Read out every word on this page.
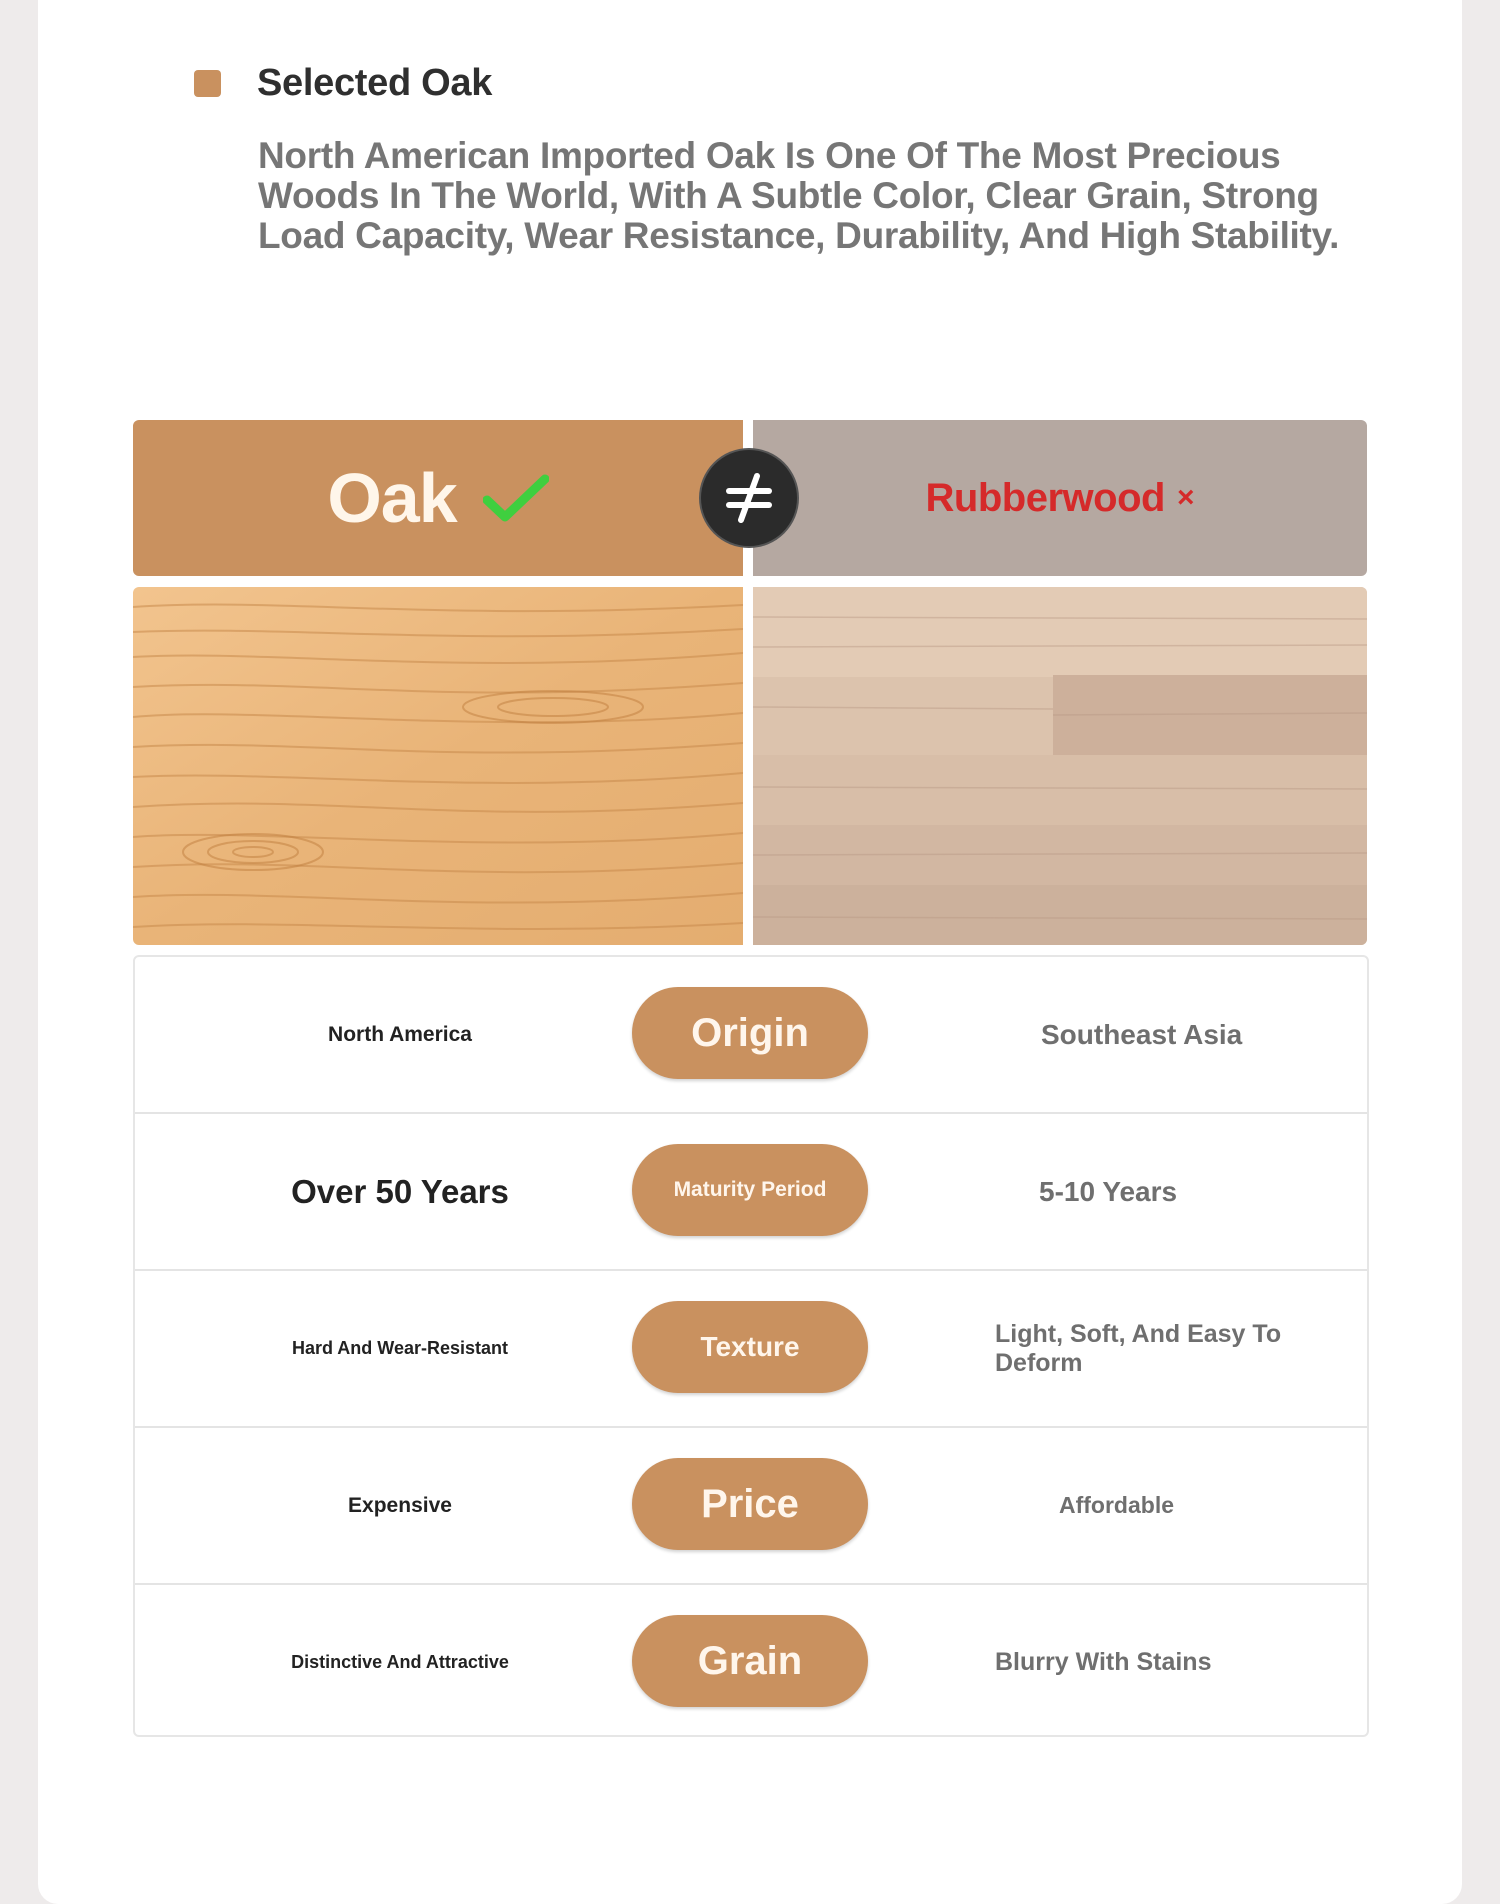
Selected Oak
North American Imported Oak Is One Of The Most Precious
Woods In The World, With A Subtle Color, Clear Grain, Strong
Load Capacity, Wear Resistance, Durability, And High Stability.
Oak	Rubberwood ×
North America	Origin	Southeast Asia
Over 50 Years	Maturity Period	5-10 Years
Hard And Wear-Resistant	Texture	Light, Soft, And Easy To Deform
Expensive	Price	Affordable
Distinctive And Attractive	Grain	Blurry With Stains
